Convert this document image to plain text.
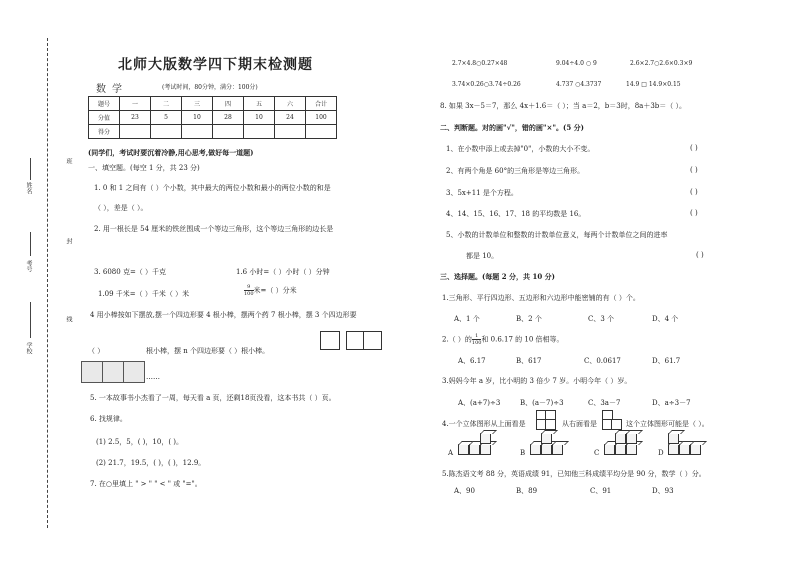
班
封
线
姓名
考号
学校
北师大版数学四下期末检测题
数学	(考试时间，80分钟，满分：100分)
题号	一	二	三	四	五	六	合计
分值	23	5	10	28	10	24	100
得分							
(同学们，考试时要沉着冷静,用心思考,做好每一道题)
一、填空题。(每空 1 分，共 23 分)
1. 0 和 1 之间有（ ）个小数，其中最大的两位小数和最小的两位小数的和是
（ ），差是（ ）。
2. 用一根长是 54 厘米的铁丝围成一个等边三角形，这个等边三角形的边长是
3. 6080 克=（ ）千克	1.6 小时=（ ）小时（ ）分钟
1.09 千米=（ ）千米（ ）米	$\frac{9}{100}$ 米=（ ）分米
4 用小棒按如下摆放,摆一个四边形要 4 根小棒，摆两个药 7 根小棒，摆 3 个四边形要
（ ）	根小棒，摆 n 个四边形要（ ）根小棒。
……
5. 一本故事书小杰看了一周，每天看 a 页，还剩18页没看，这本书共（ ）页。
6. 找规律。
(1) 2.5，5，( )，10，( )。
(2) 21.7，19.5，( )，( )，12.9。
7. 在○里填上 " > " " < " 或 "="。
2.7×4.8○0.27×48	9.04÷4.0 ○ 9	2.6×2.7○2.6×0.3×9
3.74×0.26○3.74÷0.26	4.737 ○4.3737	14.9 □ 14.9×0.15
8. 如果 3x－5＝7，那么 4x＋1.6＝（ ）；当 a＝2，b＝3时，8a＋3b＝（ ）。
二、判断题。对的画"√"，错的画"×"。(5 分)
1、在小数中添上或去掉"0"，小数的大小不变。	( )
2、有两个角是 60°的三角形是等边三角形。	( )
3、5x+11 是个方程。	( )
4、14、15、16、17、18 的平均数是 16。	( )
5、小数的计数单位和整数的计数单位意义，每两个计数单位之间的进率
都是 10。	( )
三、选择题。(每题 2 分，共 10 分)
1.三角形、平行四边形、五边形和六边形中能密铺的有（ ）个。
A、1 个	B、2 个	C、3 个	D、4 个
2.（ ）的 $\frac{1}{100}$ 和 0.6.17 的 10 倍相等。
A、6.17	B、617	C、0.0617	D、61.7
3.妈妈今年 a 岁，比小明的 3 倍少 7 岁。小明今年（ ）岁。
A、(a+7)÷3	B、(a－7)÷3	C、3a－7	D、a÷3－7
4.一个立体图形从上面看是	从右面看是	这个立体图形可能是（ ）。
A	B	C	D
5.陈杰语文考 88 分，英语成绩 91，已知他三科成绩平均分是 90 分，数学（ ）分。
A、90	B、89	C、91	D、93
